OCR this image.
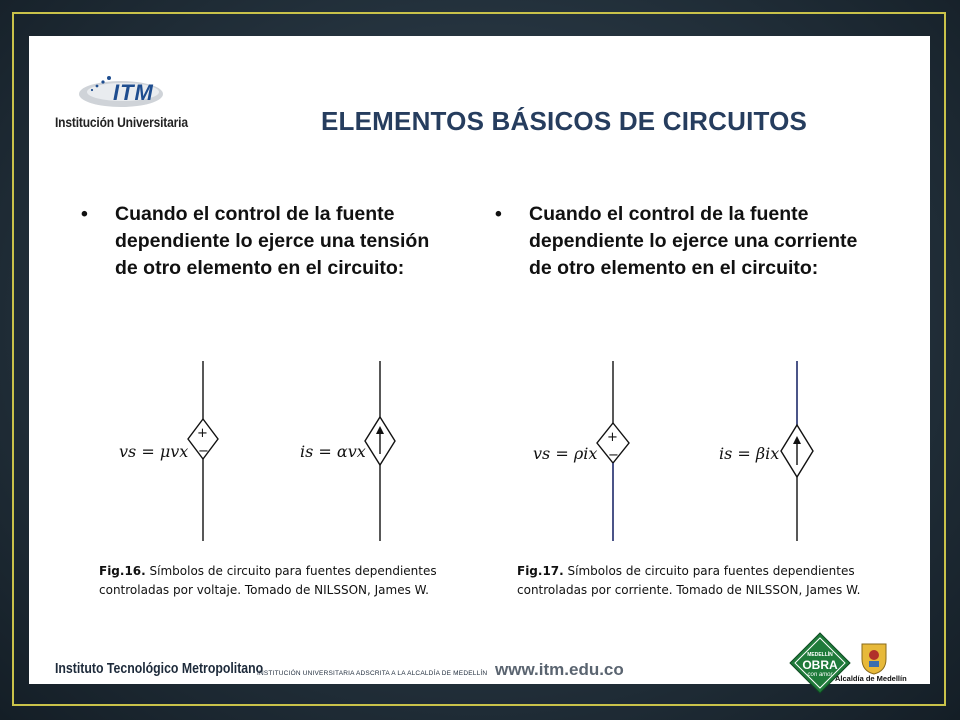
ITM
Institución Universitaria	ELEMENTOS BÁSICOS DE CIRCUITOS
• Cuando el control de la fuente dependiente lo ejerce una tensión de otro elemento en el circuito:
• Cuando el control de la fuente dependiente lo ejerce una corriente de otro elemento en el circuito:
+
−
vs = μvx	is = αvx
Fig.16. Símbolos de circuito para fuentes dependientes
controladas por voltaje. Tomado de NILSSON, James W.
+
−
vs = ρix	is = βix
Fig.17. Símbolos de circuito para fuentes dependientes
controladas por corriente. Tomado de NILSSON, James W.
Instituto Tecnológico Metropolitano
INSTITUCIÓN UNIVERSITARIA ADSCRITA A LA ALCALDÍA DE MEDELLÍN www.itm.edu.co
MEDELLÍN
OBRA
con amor Alcaldía de Medellín
